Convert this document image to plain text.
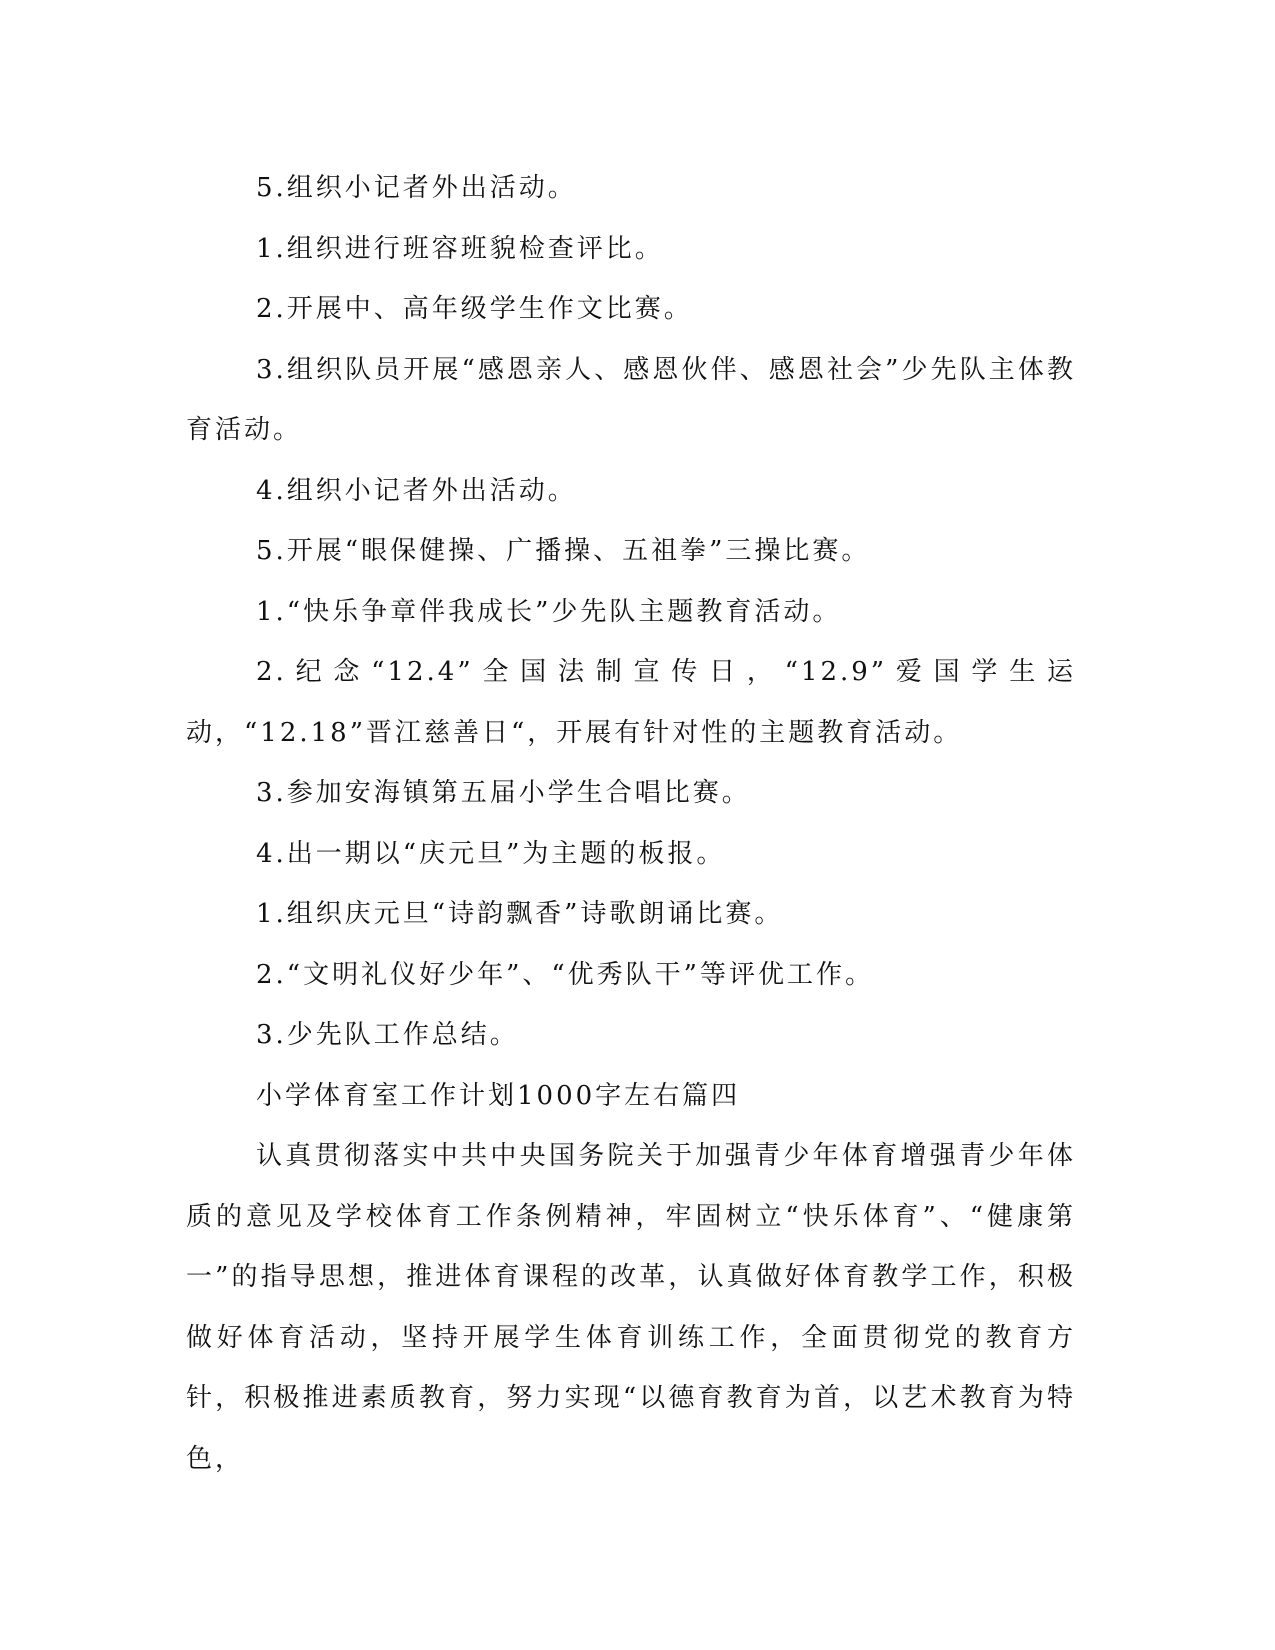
5.组织小记者外出活动。

1.组织进行班容班貌检查评比。

2.开展中、高年级学生作文比赛。

3.组织队员开展“感恩亲人、感恩伙伴、感恩社会”少先队主体教育活动。

4.组织小记者外出活动。

5.开展“眼保健操、广播操、五祖拳”三操比赛。

1.“快乐争章伴我成长”少先队主题教育活动。

2.纪念“12.4”全国法制宣传日，“12.9”爱国学生运动，“12.18”晋江慈善日“，开展有针对性的主题教育活动。

3.参加安海镇第五届小学生合唱比赛。

4.出一期以“庆元旦”为主题的板报。

1.组织庆元旦“诗韵飘香”诗歌朗诵比赛。

2.“文明礼仪好少年”、“优秀队干”等评优工作。

3.少先队工作总结。

小学体育室工作计划1000字左右篇四

认真贯彻落实中共中央国务院关于加强青少年体育增强青少年体质的意见及学校体育工作条例精神，牢固树立“快乐体育”、“健康第一”的指导思想，推进体育课程的改革，认真做好体育教学工作，积极做好体育活动，坚持开展学生体育训练工作，全面贯彻党的教育方针，积极推进素质教育，努力实现“以德育教育为首，以艺术教育为特色，
